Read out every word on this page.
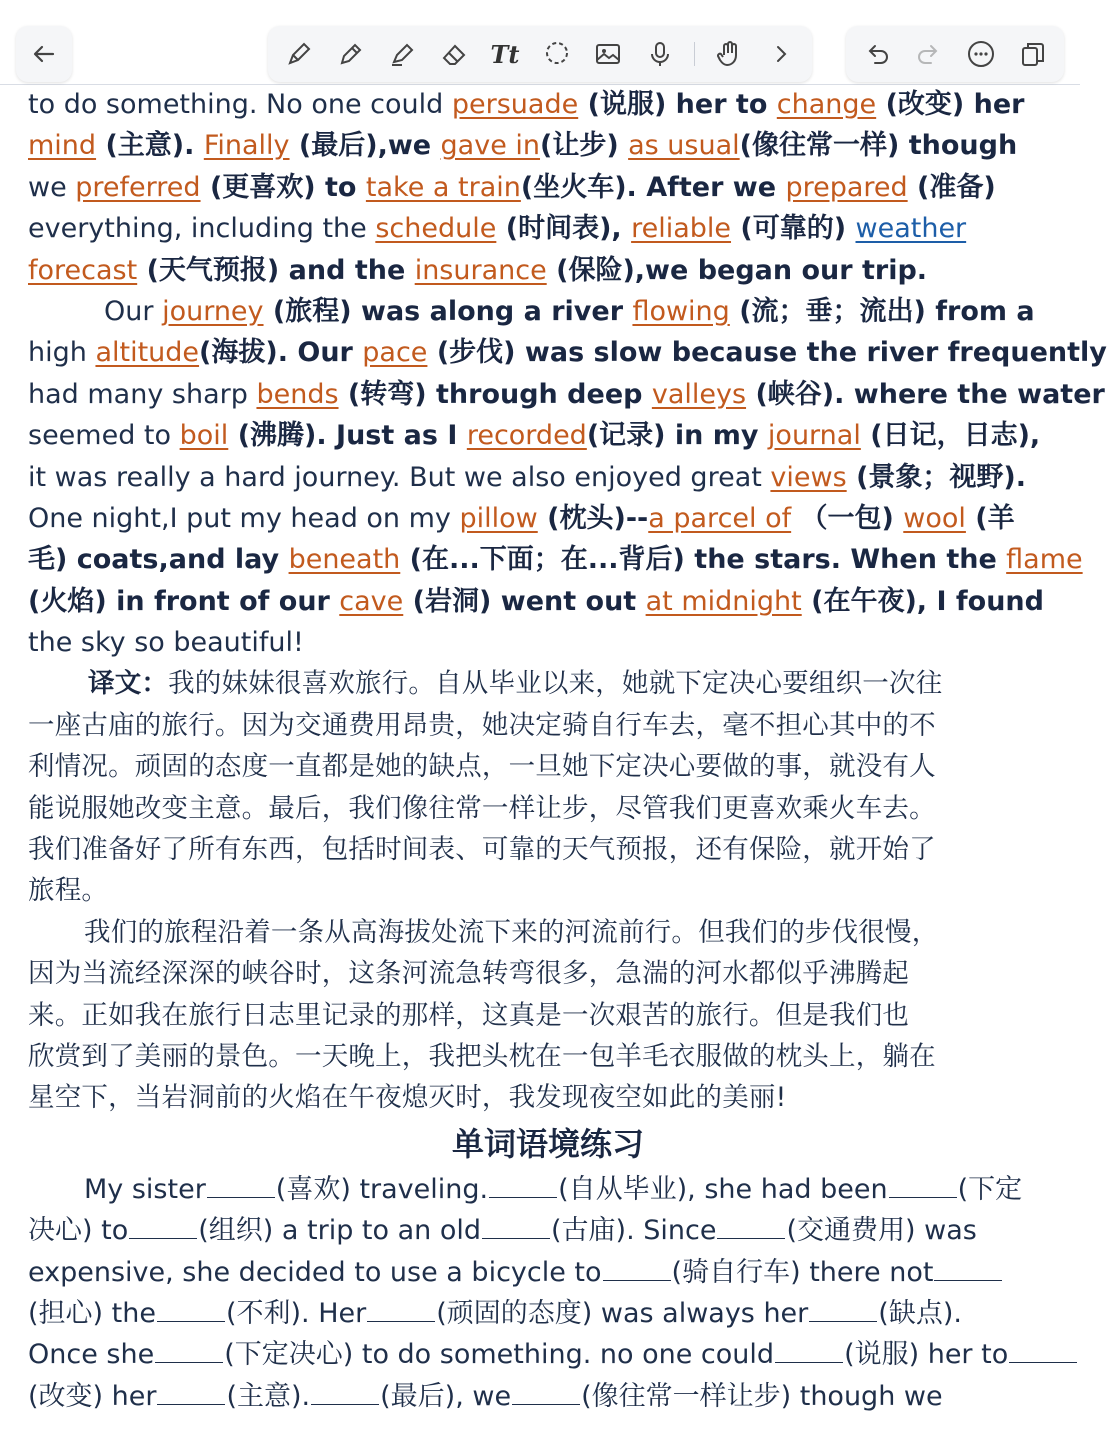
Tt
to do something. No one could persuade (说服) her to change (改变) her
mind (主意). Finally (最后),we gave in(让步) as usual(像往常一样) though
we preferred (更喜欢) to take a train(坐火车). After we prepared (准备)
everything, including the schedule (时间表), reliable (可靠的) weather
forecast (天气预报) and the insurance (保险),we began our trip.
Our journey (旅程) was along a river flowing (流；垂；流出) from a
high altitude(海拔). Our pace (步伐) was slow because the river frequently
had many sharp bends (转弯) through deep valleys (峡谷). where the water
seemed to boil (沸腾). Just as I recorded(记录) in my journal (日记，日志),
it was really a hard journey. But we also enjoyed great views (景象；视野).
One night,I put my head on my pillow (枕头)--a parcel of （一包) wool (羊
毛) coats,and lay beneath (在...下面；在...背后) the stars. When the flame
(火焰) in front of our cave (岩洞) went out at midnight (在午夜), I found
the sky so beautiful!
译文：我的妹妹很喜欢旅行。自从毕业以来，她就下定决心要组织一次往
一座古庙的旅行。因为交通费用昂贵，她决定骑自行车去，毫不担心其中的不
利情况。顽固的态度一直都是她的缺点，一旦她下定决心要做的事，就没有人
能说服她改变主意。最后，我们像往常一样让步，尽管我们更喜欢乘火车去。
我们准备好了所有东西，包括时间表、可靠的天气预报，还有保险，就开始了
旅程。
我们的旅程沿着一条从高海拔处流下来的河流前行。但我们的步伐很慢，
因为当流经深深的峡谷时，这条河流急转弯很多，急湍的河水都似乎沸腾起
来。正如我在旅行日志里记录的那样，这真是一次艰苦的旅行。但是我们也
欣赏到了美丽的景色。一天晚上，我把头枕在一包羊毛衣服做的枕头上，躺在
星空下，当岩洞前的火焰在午夜熄灭时，我发现夜空如此的美丽!
单词语境练习
My sister	(喜欢) traveling.	(自从毕业), she had been	(下定
决心) to	(组织) a trip to an old	(古庙). Since	(交通费用) was
expensive, she decided to use a bicycle to	(骑自行车) there not
(担心) the	(不利). Her	(顽固的态度) was always her	(缺点).
Once she	(下定决心) to do something. no one could	(说服) her to
(改变) her	(主意).	(最后), we	(像往常一样让步) though we
